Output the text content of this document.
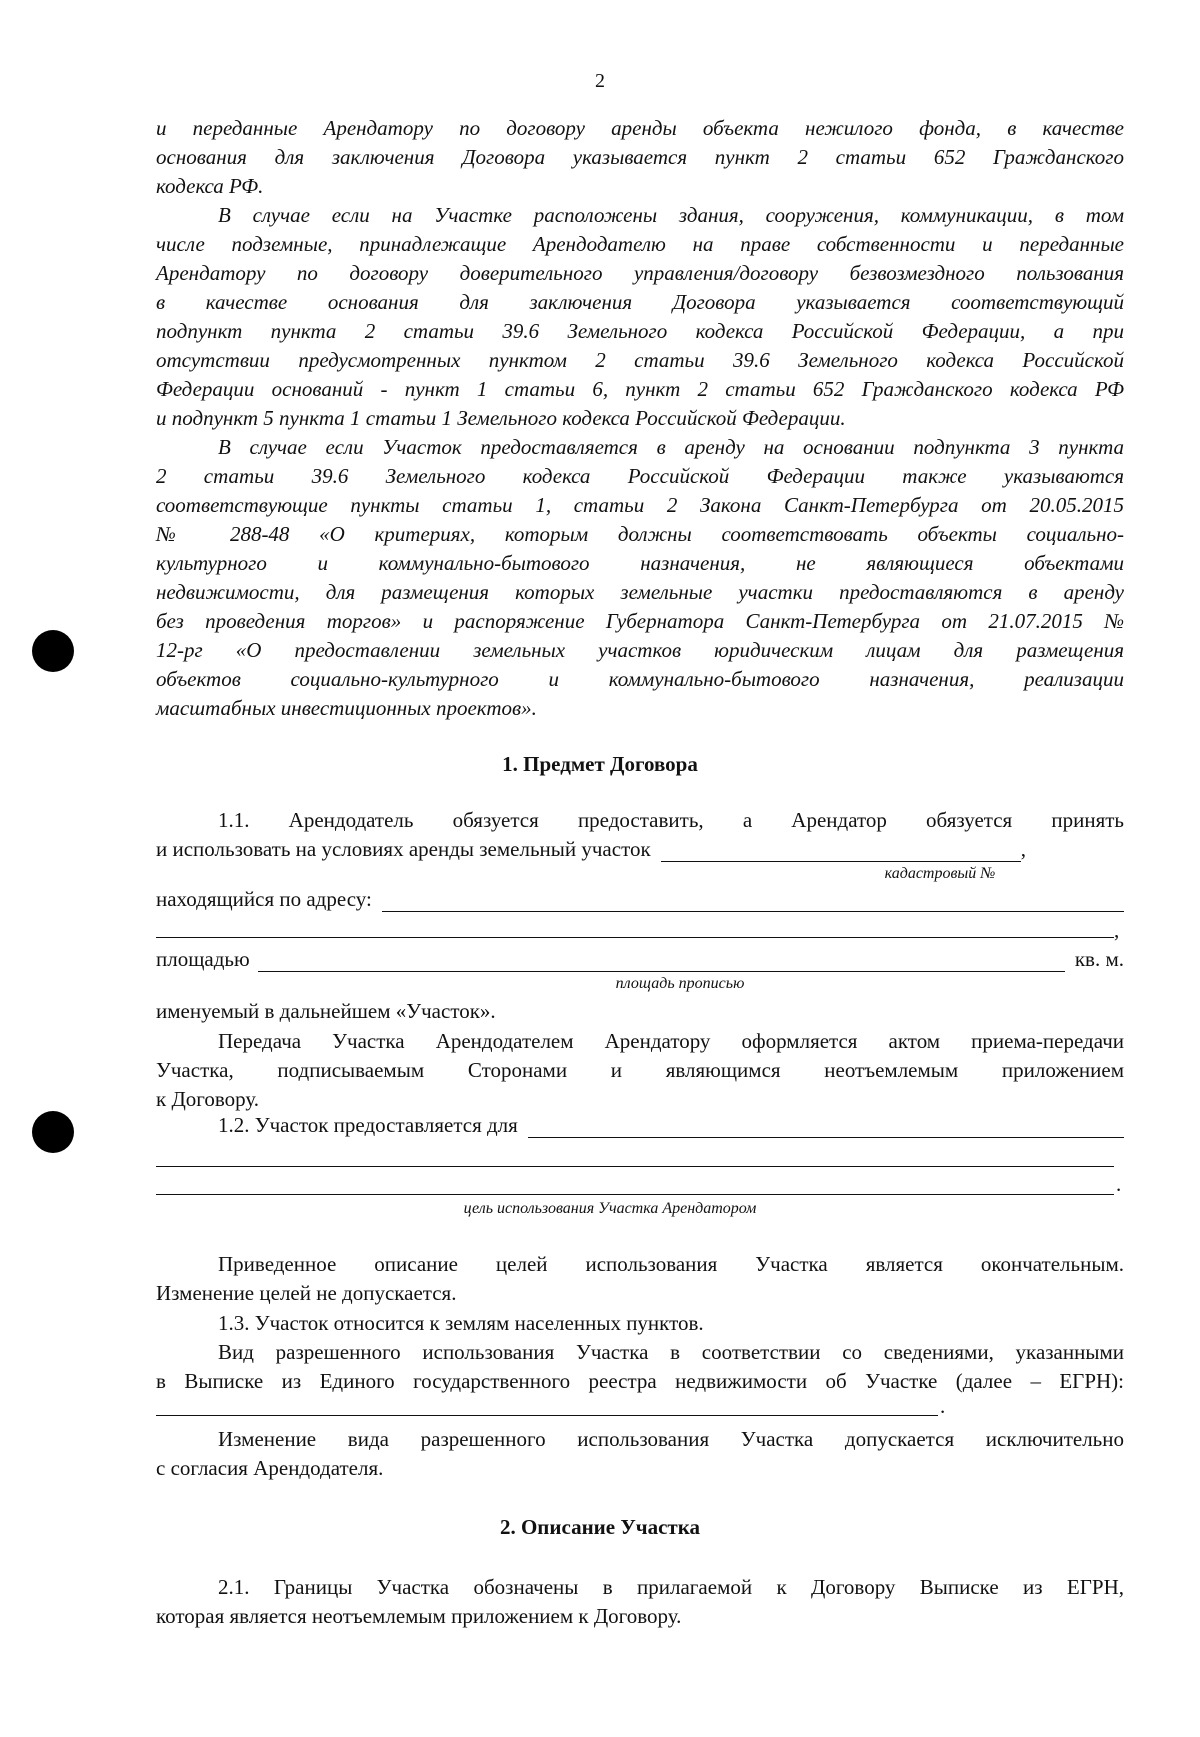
2
и переданные Арендатору по договору аренды объекта нежилого фонда, в качестве
основания для заключения Договора указывается пункт 2 статьи 652 Гражданского
кодекса РФ.
В случае если на Участке расположены здания, сооружения, коммуникации, в том
числе подземные, принадлежащие Арендодателю на праве собственности и переданные
Арендатору по договору доверительного управления/договору безвозмездного пользования
в качестве основания для заключения Договора указывается соответствующий
подпункт пункта 2 статьи 39.6 Земельного кодекса Российской Федерации, а при
отсутствии предусмотренных пунктом 2 статьи 39.6 Земельного кодекса Российской
Федерации оснований - пункт 1 статьи 6, пункт 2 статьи 652 Гражданского кодекса РФ
и подпункт 5 пункта 1 статьи 1 Земельного кодекса Российской Федерации.
В случае если Участок предоставляется в аренду на основании подпункта 3 пункта
2 статьи 39.6 Земельного кодекса Российской Федерации также указываются
соответствующие пункты статьи 1, статьи 2 Закона Санкт-Петербурга от 20.05.2015
№ 288-48 «О критериях, которым должны соответствовать объекты социально-
культурного и коммунально-бытового назначения, не являющиеся объектами
недвижимости, для размещения которых земельные участки предоставляются в аренду
без проведения торгов» и распоряжение Губернатора Санкт-Петербурга от 21.07.2015 №
12-рг «О предоставлении земельных участков юридическим лицам для размещения
объектов социально-культурного и коммунально-бытового назначения, реализации
масштабных инвестиционных проектов».
1. Предмет Договора
1.1. Арендодатель обязуется предоставить, а Арендатор обязуется принять
и использовать на условиях аренды земельный участок	,
кадастровый №
находящийся по адресу:
,
площадью	кв. м.
площадь прописью
именуемый в дальнейшем «Участок».
Передача Участка Арендодателем Арендатору оформляется актом приема-передачи
Участка, подписываемым Сторонами и являющимся неотъемлемым приложением
к Договору.
1.2. Участок предоставляется для
.
цель использования Участка Арендатором
Приведенное описание целей использования Участка является окончательным.
Изменение целей не допускается.
1.3. Участок относится к землям населенных пунктов.
Вид разрешенного использования Участка в соответствии со сведениями, указанными
в Выписке из Единого государственного реестра недвижимости об Участке (далее – ЕГРН):
.
Изменение вида разрешенного использования Участка допускается исключительно
с согласия Арендодателя.
2. Описание Участка
2.1. Границы Участка обозначены в прилагаемой к Договору Выписке из ЕГРН,
которая является неотъемлемым приложением к Договору.
